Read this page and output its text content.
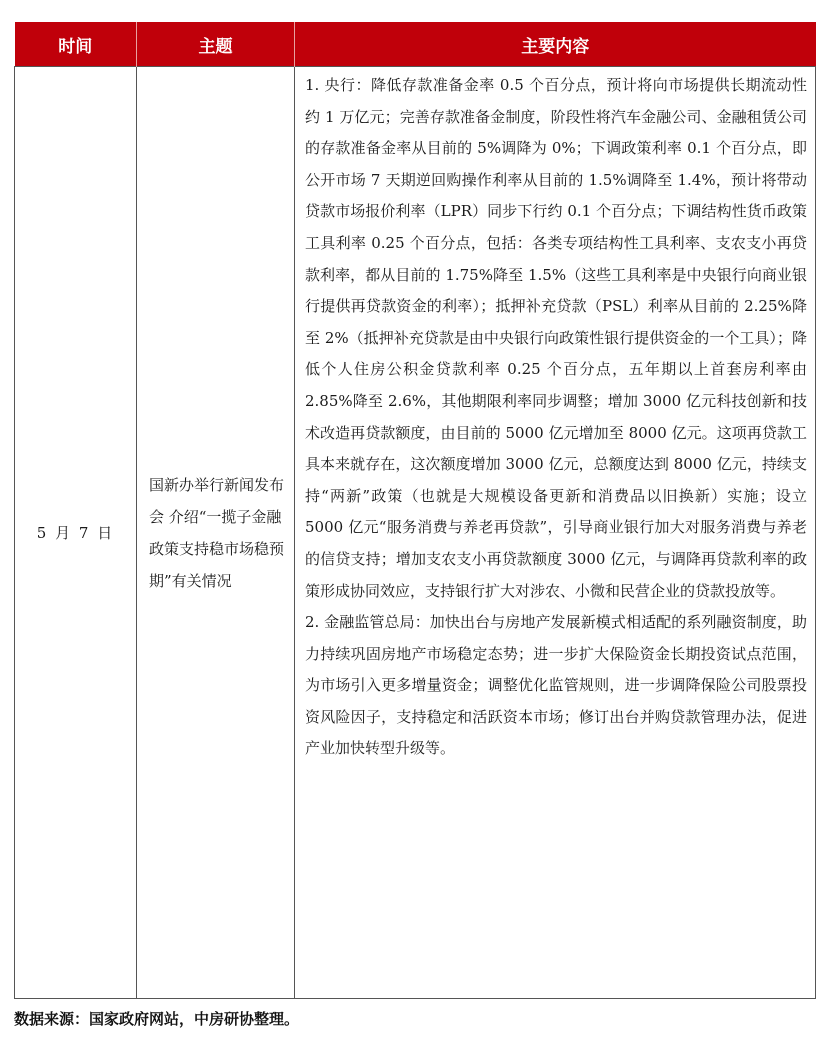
时间	主题	主要内容
5 月 7 日	国新办举行新闻发布会 介绍“一揽子金融政策支持稳市场稳预期”有关情况	1. 央行：降低存款准备金率 0.5 个百分点，预计将向市场提供长期流动性约 1 万亿元；完善存款准备金制度，阶段性将汽车金融公司、金融租赁公司的存款准备金率从目前的 5%调降为 0%；下调政策利率 0.1 个百分点，即公开市场 7 天期逆回购操作利率从目前的 1.5%调降至 1.4%，预计将带动贷款市场报价利率（LPR）同步下行约 0.1 个百分点；下调结构性货币政策工具利率 0.25 个百分点，包括：各类专项结构性工具利率、支农支小再贷款利率，都从目前的 1.75%降至 1.5%（这些工具利率是中央银行向商业银行提供再贷款资金的利率）；抵押补充贷款（PSL）利率从目前的 2.25%降至 2%（抵押补充贷款是由中央银行向政策性银行提供资金的一个工具）；降低个人住房公积金贷款利率 0.25 个百分点，五年期以上首套房利率由 2.85%降至 2.6%，其他期限利率同步调整；增加 3000 亿元科技创新和技术改造再贷款额度，由目前的 5000 亿元增加至 8000 亿元。这项再贷款工具本来就存在，这次额度增加 3000 亿元，总额度达到 8000 亿元，持续支持“两新”政策（也就是大规模设备更新和消费品以旧换新）实施；设立 5000 亿元“服务消费与养老再贷款”，引导商业银行加大对服务消费与养老的信贷支持；增加支农支小再贷款额度 3000 亿元，与调降再贷款利率的政策形成协同效应，支持银行扩大对涉农、小微和民营企业的贷款投放等。

2. 金融监管总局：加快出台与房地产发展新模式相适配的系列融资制度，助力持续巩固房地产市场稳定态势；进一步扩大保险资金长期投资试点范围，为市场引入更多增量资金；调整优化监管规则，进一步调降保险公司股票投资风险因子，支持稳定和活跃资本市场；修订出台并购贷款管理办法，促进产业加快转型升级等。

数据来源：国家政府网站，中房研协整理。
